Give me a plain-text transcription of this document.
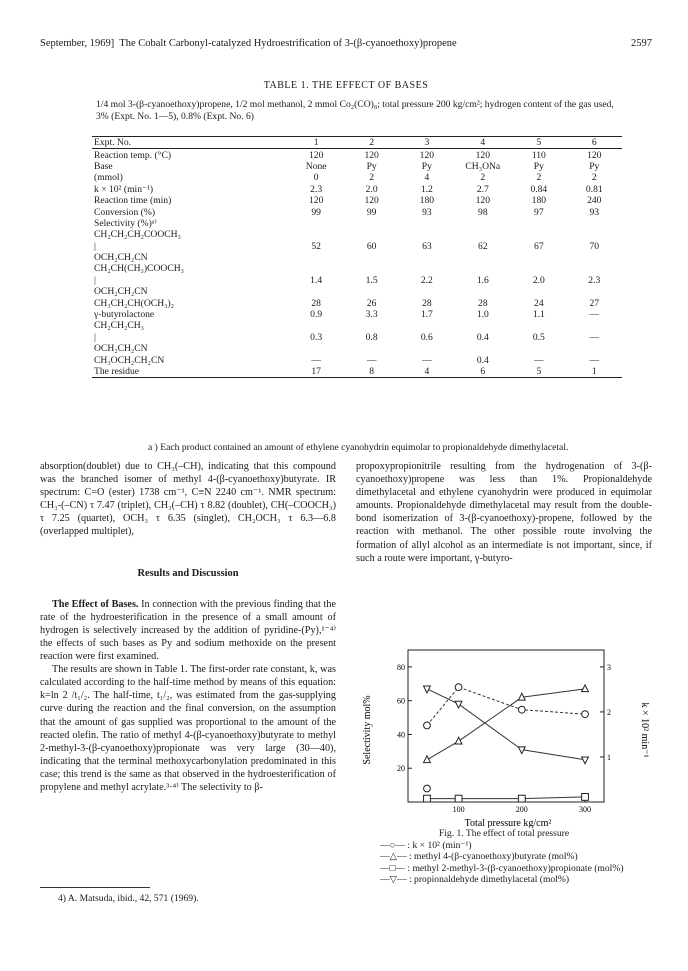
September, 1969] The Cobalt Carbonyl-catalyzed Hydroestrification of 3-(β-cyanoethoxy)propene	2597
TABLE 1. THE EFFECT OF BASES
1/4 mol 3-(β-cyanoethoxy)propene, 1/2 mol methanol, 2 mmol Co₂(CO)₈; total pressure 200 kg/cm²; hydrogen content of the gas used, 3% (Expt. No. 1—5), 0.8% (Expt. No. 6)
Expt. No.	1	2	3	4	5	6
Reaction temp. (°C)	120	120	120	120	110	120
Base	None	Py	Py	CH₃ONa	Py	Py
(mmol)	0	2	4	2	2	2
k × 10² (min⁻¹)	2.3	2.0	1.2	2.7	0.84	0.81
Reaction time (min)	120	120	180	120	180	240
Conversion (%)	99	99	93	98	97	93
Selectivity (%)ᵃ⁾						
CH₂CH₂CH₂COOCH₃						
|	52	60	63	62	67	70
OCH₂CH₂CN						
CH₂CH(CH₃)COOCH₃						
|	1.4	1.5	2.2	1.6	2.0	2.3
OCH₂CH₂CN						
CH₃CH₂CH(OCH₃)₂	28	26	28	28	24	27
γ-butyrolactone	0.9	3.3	1.7	1.0	1.1	—
CH₂CH₂CH₃						
|	0.3	0.8	0.6	0.4	0.5	—
OCH₂CH₂CN						
CH₃OCH₂CH₂CN	—	—	—	0.4	—	—
The residue	17	8	4	6	5	1
a ) Each product contained an amount of ethylene cyanohydrin equimolar to propionaldehyde dimethylacetal.

absorption(doublet) due to CH₃(–CH), indicating that this compound was the branched isomer of methyl 4-(β-cyanoethoxy)butyrate. IR spectrum: C=O (ester) 1738 cm⁻¹, C≡N 2240 cm⁻¹. NMR spectrum: CH₃-(–CN) τ 7.47 (triplet), CH₃(–CH) τ 8.82 (doublet), CH(–COOCH₃) τ 7.25 (quartet), OCH₃ τ 6.35 (singlet), CH₂OCH₃ τ 6.3—6.8 (overlapped multiplet),

Results and Discussion

The Effect of Bases. In connection with the previous finding that the rate of the hydroesterification in the presence of a small amount of hydrogen is selectively increased by the addition of pyridine-(Py),¹⁻⁴⁾ the effects of such bases as Py and sodium methoxide on the present reaction were first examined.

The results are shown in Table 1. The first-order rate constant, k, was calculated according to the half-time method by means of this equation: k=ln 2 /t₁/₂. The half-time, t₁/₂, was estimated from the gas-supplying curve during the reaction and the final conversion, on the assumption that the amount of gas supplied was proportional to the amount of the reacted olefin. The ratio of methyl 4-(β-cyanoethoxy)butyrate to methyl 2-methyl-3-(β-cyanoethoxy)propionate was very large (30—40), indicating that the terminal methoxycarbonylation predominated in this case; this trend is the same as that observed in the hydroesterification of propylene and methyl acrylate.³·⁴⁾ The selectivity to β-

4) A. Matsuda, ibid., 42, 571 (1969).

propoxypropionitrile resulting from the hydrogenation of 3-(β-cyanoethoxy)propene was less than 1%. Propionaldehyde dimethylacetal and ethylene cyanohydrin were produced in equimolar amounts. Propionaldehyde dimethylacetal may result from the double-bond isomerization of 3-(β-cyanoethoxy)-propene, followed by the reaction with methanol. The other possible route involving the formation of allyl alcohol as an intermediate is not important, since, if such a route were important, γ-butyro-

Selectivity mol%	k × 10² min⁻¹
Total pressure kg/cm²
100	200	300
20
40
60
80
1
2
3
Fig. 1. The effect of total pressure
—○— : k × 10² (min⁻¹)
—△— : methyl 4-(β-cyanoethoxy)butyrate (mol%)
—□— : methyl 2-methyl-3-(β-cyanoethoxy)propionate (mol%)
—▽— : propionaldehyde dimethylacetal (mol%)
